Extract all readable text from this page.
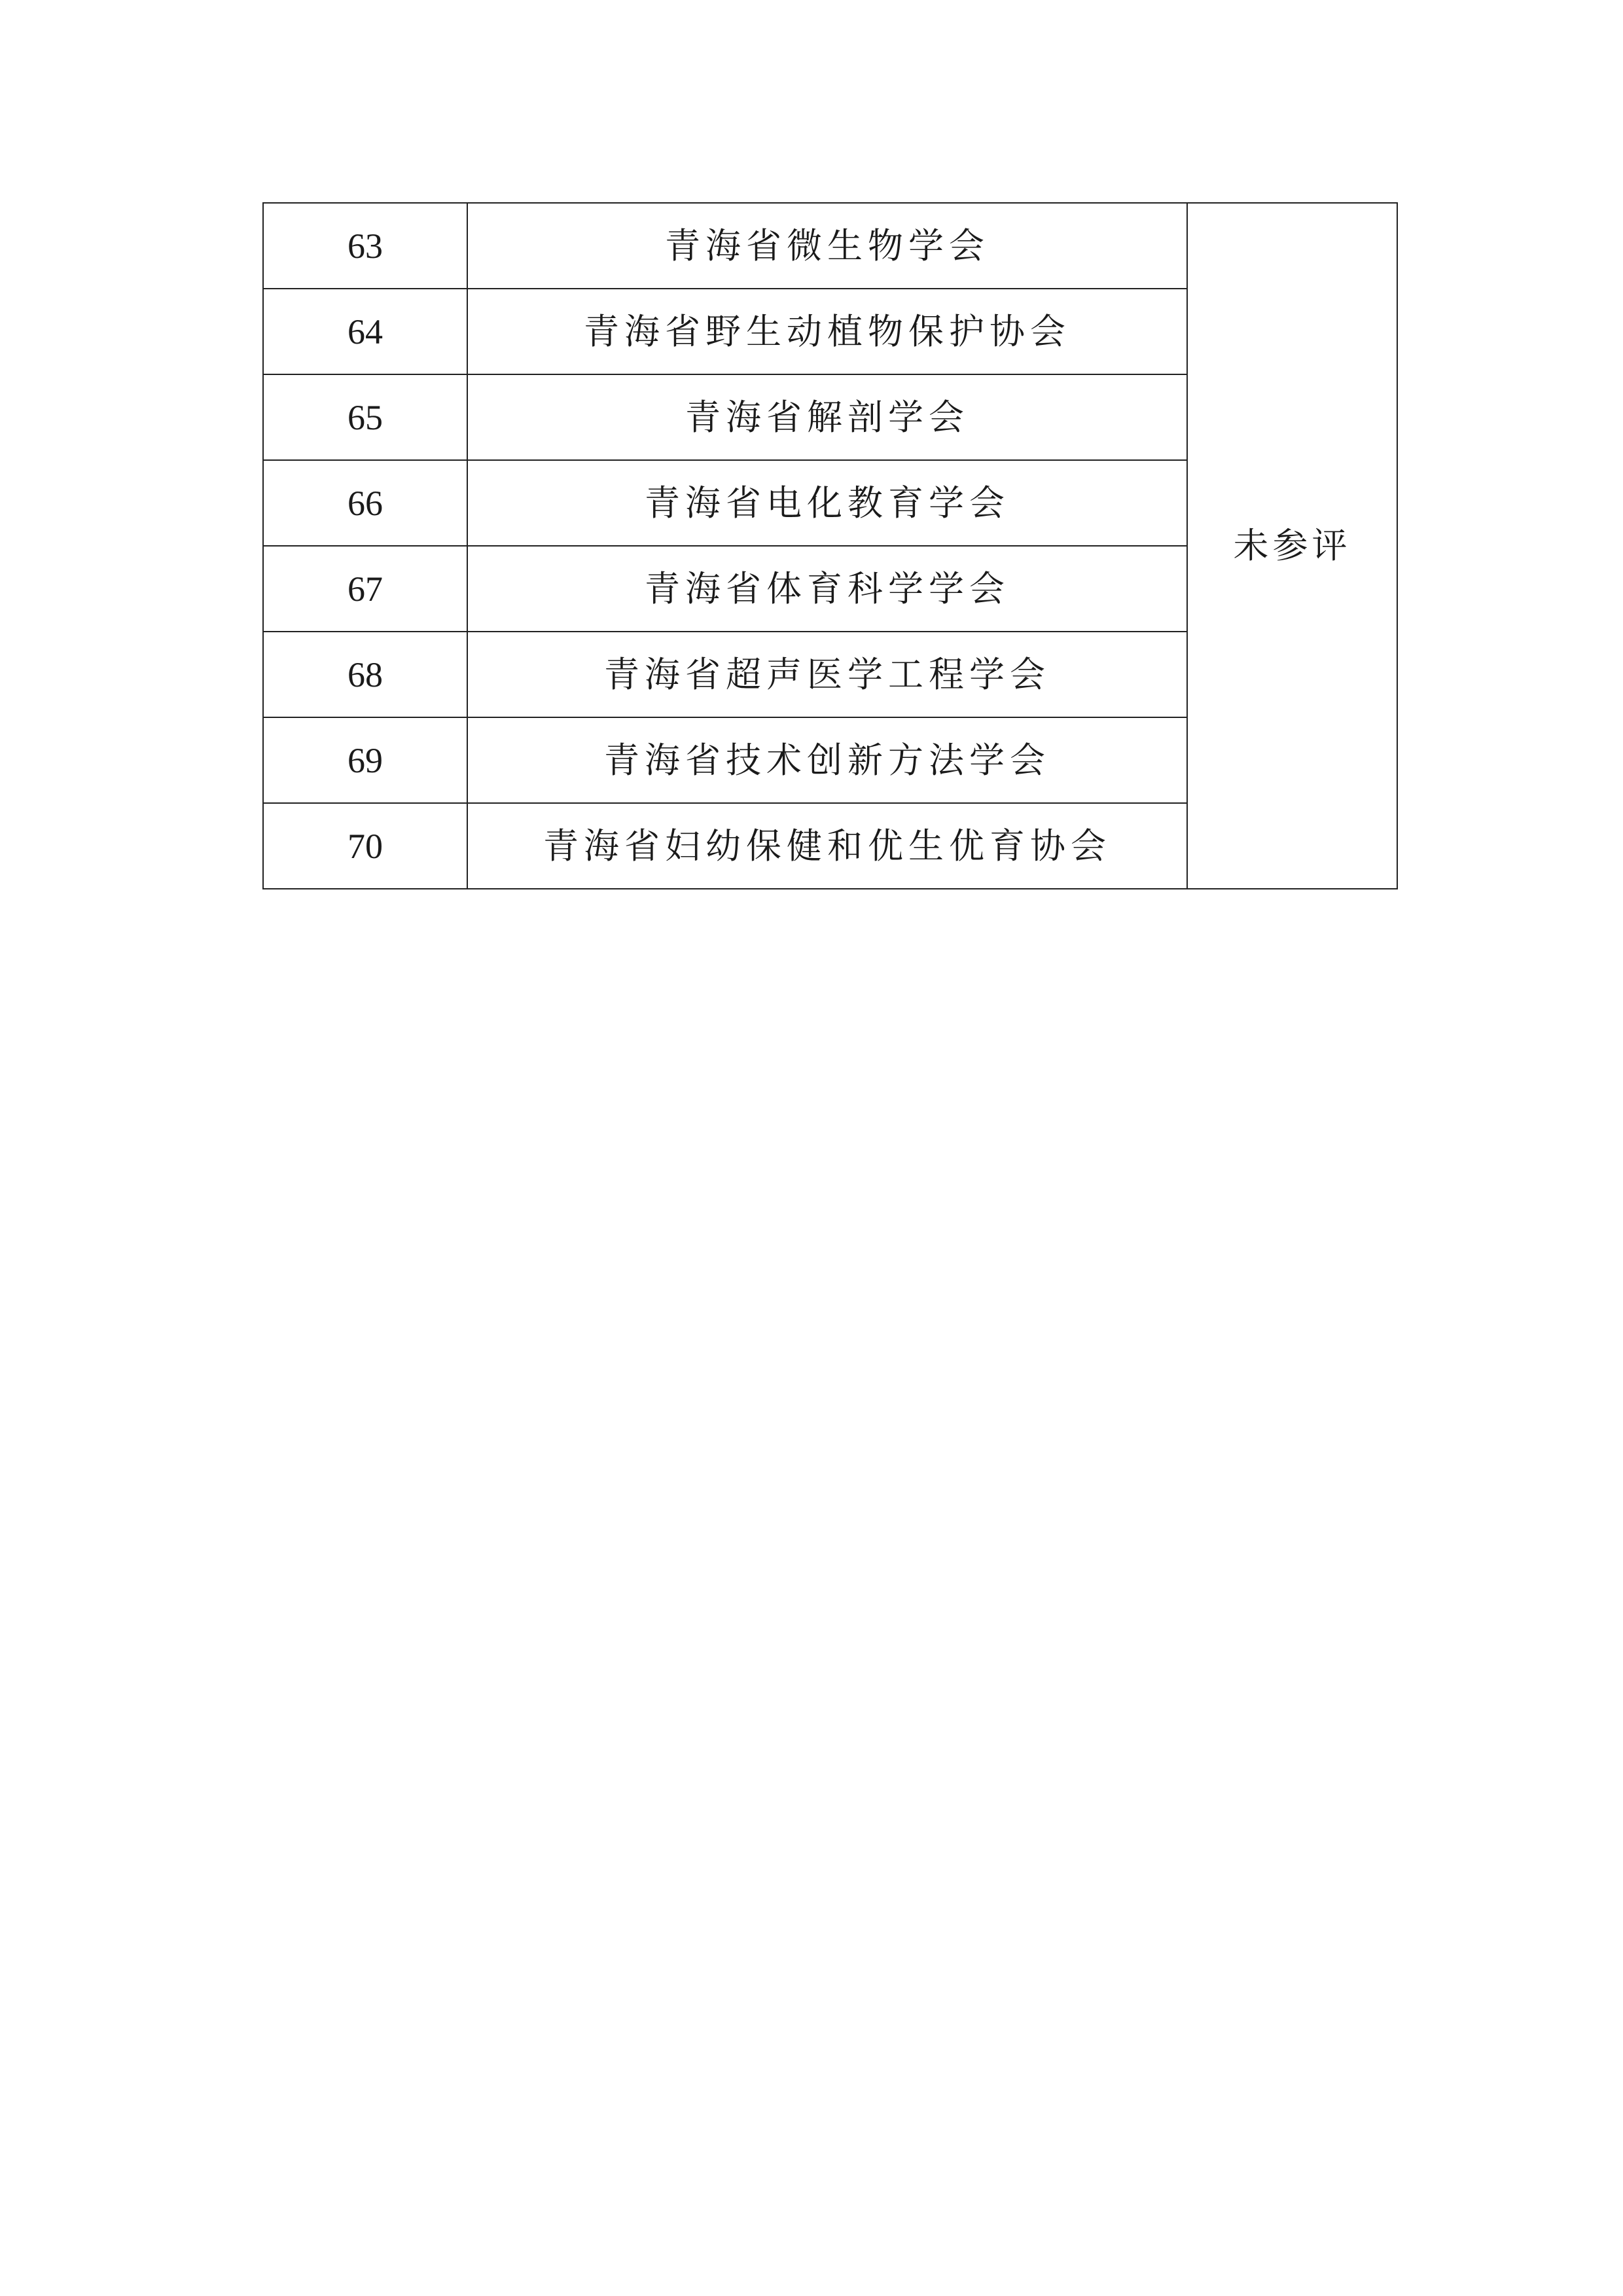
63	青海省微生物学会	未参评
64	青海省野生动植物保护协会	
65	青海省解剖学会	
66	青海省电化教育学会	
67	青海省体育科学学会	
68	青海省超声医学工程学会	
69	青海省技术创新方法学会	
70	青海省妇幼保健和优生优育协会	
